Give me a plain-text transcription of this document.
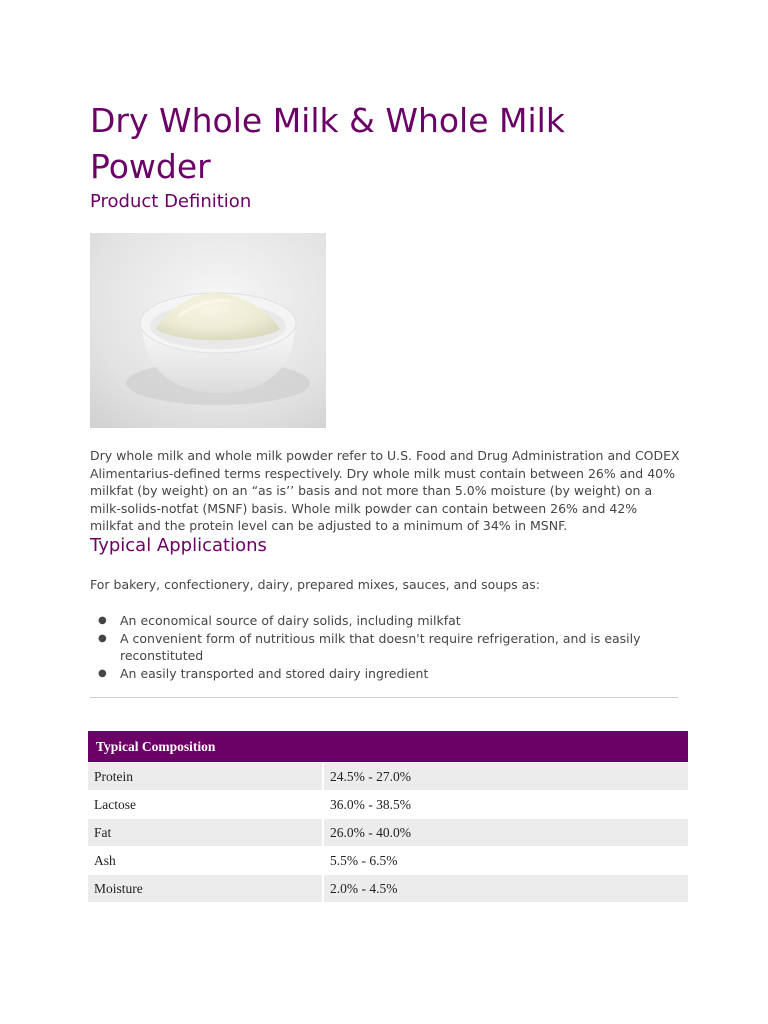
Dry Whole Milk & Whole Milk Powder
Product Definition

Dry whole milk and whole milk powder refer to U.S. Food and Drug Administration and CODEX Alimentarius-defined terms respectively. Dry whole milk must contain between 26% and 40% milkfat (by weight) on an “as is’’ basis and not more than 5.0% moisture (by weight) on a milk-solids-notfat (MSNF) basis. Whole milk powder can contain between 26% and 42% milkfat and the protein level can be adjusted to a minimum of 34% in MSNF.

Typical Applications

For bakery, confectionery, dairy, prepared mixes, sauces, and soups as:

● An economical source of dairy solids, including milkfat
● A convenient form of nutritious milk that doesn't require refrigeration, and is easily reconstituted
● An easily transported and stored dairy ingredient
Typical Composition	
Protein	24.5% - 27.0%
Lactose	36.0% - 38.5%
Fat	26.0% - 40.0%
Ash	5.5% - 6.5%
Moisture	2.0% - 4.5%
